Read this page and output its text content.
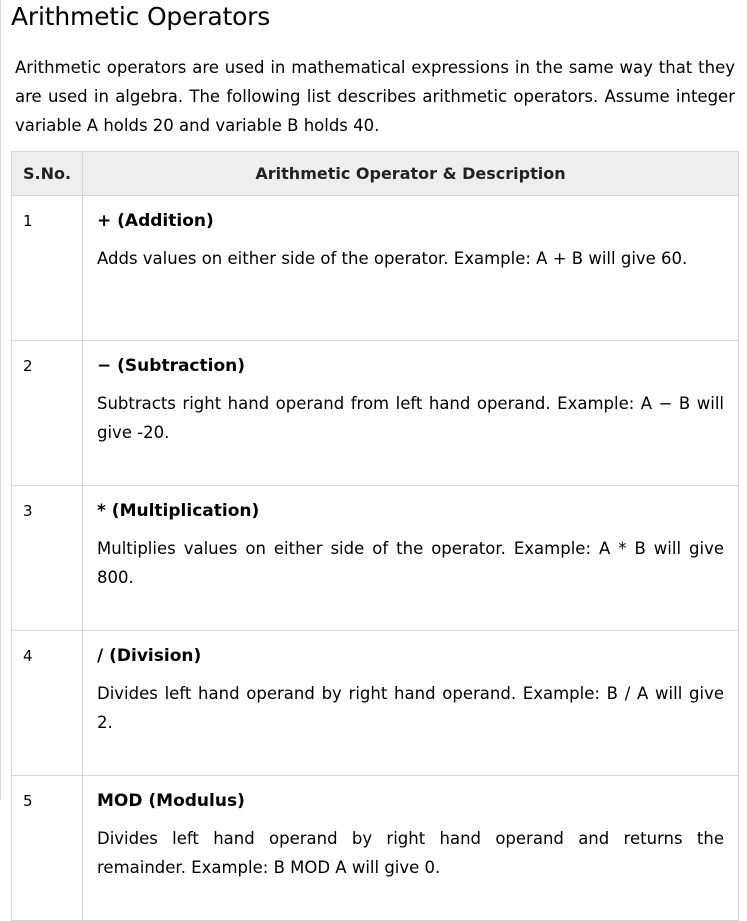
Arithmetic Operators

Arithmetic operators are used in mathematical expressions in the same way that they are used in algebra. The following list describes arithmetic operators. Assume integer variable A holds 20 and variable B holds 40.

S.No.	Arithmetic Operator & Description
1	+ (Addition)

Adds values on either side of the operator. Example: A + B will give 60.

2	− (Subtraction)

Subtracts right hand operand from left hand operand. Example: A − B will give -20.

3	* (Multiplication)

Multiplies values on either side of the operator. Example: A * B will give 800.

4	/ (Division)

Divides left hand operand by right hand operand. Example: B / A will give 2.

5	MOD (Modulus)

Divides left hand operand by right hand operand and returns the remainder. Example: B MOD A will give 0.
